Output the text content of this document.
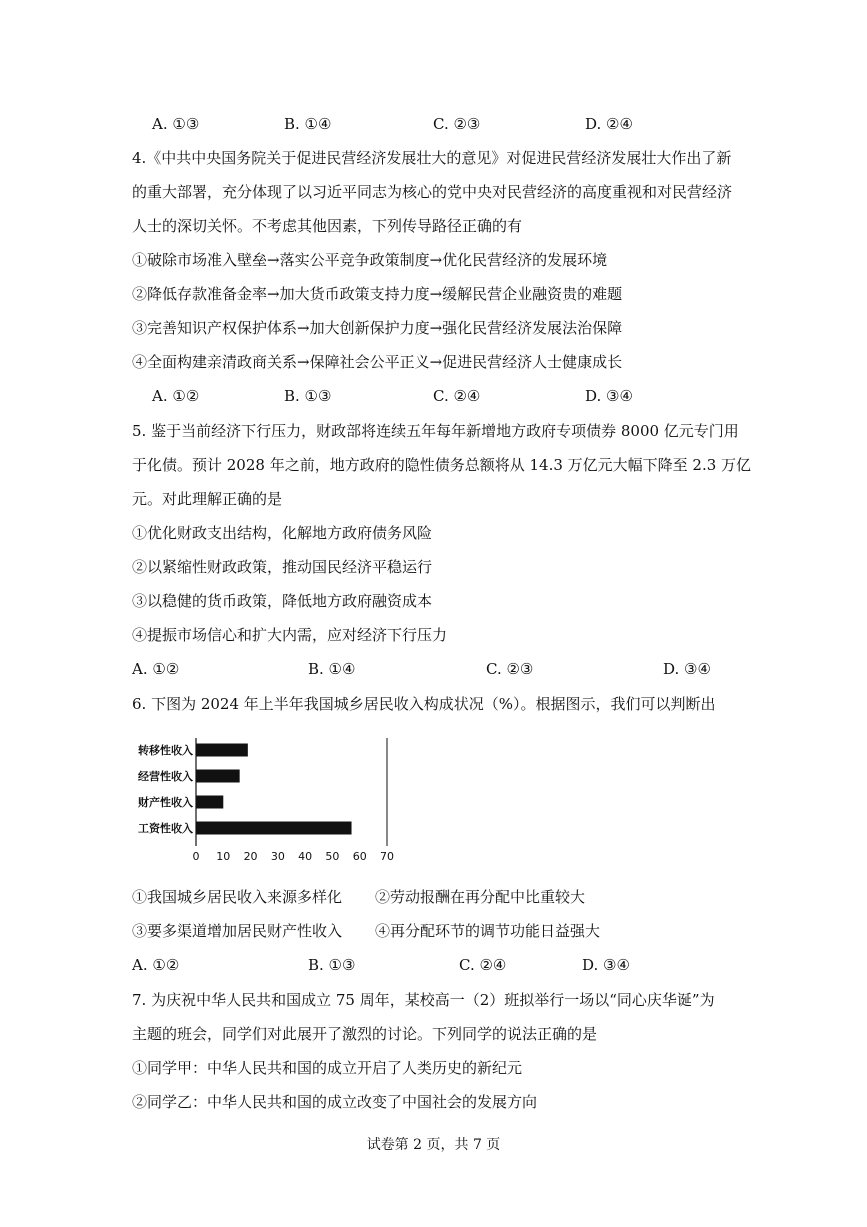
A. ①③	B. ①④	C. ②③	D. ②④
4.《中共中央国务院关于促进民营经济发展壮大的意见》对促进民营经济发展壮大作出了新
的重大部署，充分体现了以习近平同志为核心的党中央对民营经济的高度重视和对民营经济
人士的深切关怀。不考虑其他因素，下列传导路径正确的有
①破除市场准入壁垒→落实公平竞争政策制度→优化民营经济的发展环境
②降低存款准备金率→加大货币政策支持力度→缓解民营企业融资贵的难题
③完善知识产权保护体系→加大创新保护力度→强化民营经济发展法治保障
④全面构建亲清政商关系→保障社会公平正义→促进民营经济人士健康成长
A. ①②	B. ①③	C. ②④	D. ③④
5. 鉴于当前经济下行压力，财政部将连续五年每年新增地方政府专项债券 8000 亿元专门用
于化债。预计 2028 年之前，地方政府的隐性债务总额将从 14.3 万亿元大幅下降至 2.3 万亿
元。对此理解正确的是
①优化财政支出结构，化解地方政府债务风险
②以紧缩性财政政策，推动国民经济平稳运行
③以稳健的货币政策，降低地方政府融资成本
④提振市场信心和扩大内需，应对经济下行压力
A. ①②	B. ①④	C. ②③	D. ③④
6. 下图为 2024 年上半年我国城乡居民收入构成状况（%）。根据图示，我们可以判断出
转移性收入
经营性收入
财产性收入
工资性收入
0 10 20 30 40 50 60 70
①我国城乡居民收入来源多样化 ②劳动报酬在再分配中比重较大
③要多渠道增加居民财产性收入 ④再分配环节的调节功能日益强大
A. ①②	B. ①③	C. ②④	D. ③④
7. 为庆祝中华人民共和国成立 75 周年，某校高一（2）班拟举行一场以“同心庆华诞”为
主题的班会，同学们对此展开了激烈的讨论。下列同学的说法正确的是
①同学甲：中华人民共和国的成立开启了人类历史的新纪元
②同学乙：中华人民共和国的成立改变了中国社会的发展方向
试卷第 2 页，共 7 页
